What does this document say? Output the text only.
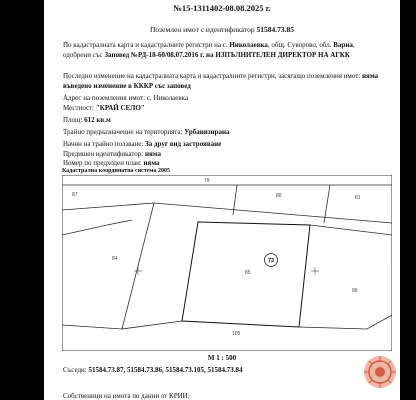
№15-1311402-08.08.2025 г.
Поземлен имот с идентификатор 51584.73.85
По кадастралната карта и кадастралните регистри на с. Николаевка, общ. Суворово, обл. Варна, одобрени със Заповед №РД-18-60/08.07.2016 г. на ИЗПЪЛНИТЕЛЕН ДИРЕКТОР НА АГКК
Последно изменение на кадастралната карта и кадастралните регистри, засягащо поземления имот: няма въведено изменение в КККР със заповед
Адрес на поземления имот: с. Николаевка
Местност: "КРАЙ СЕЛО"
Площ: 612 кв.м
Трайно предназначение на територията: Урбанизирана
Начин на трайно ползване: За друг вид застрояване
Предишен идентификатор: няма
Номер по предходен план: няма
Кадастрална координатна система 2005
79
87	80	81
84
85
86
105
73
М 1 : 500
Съседи: 51584.73.87, 51584.73.86, 51584.73.105, 51584.73.84
Собственици на имота по данни от КРИИ:
